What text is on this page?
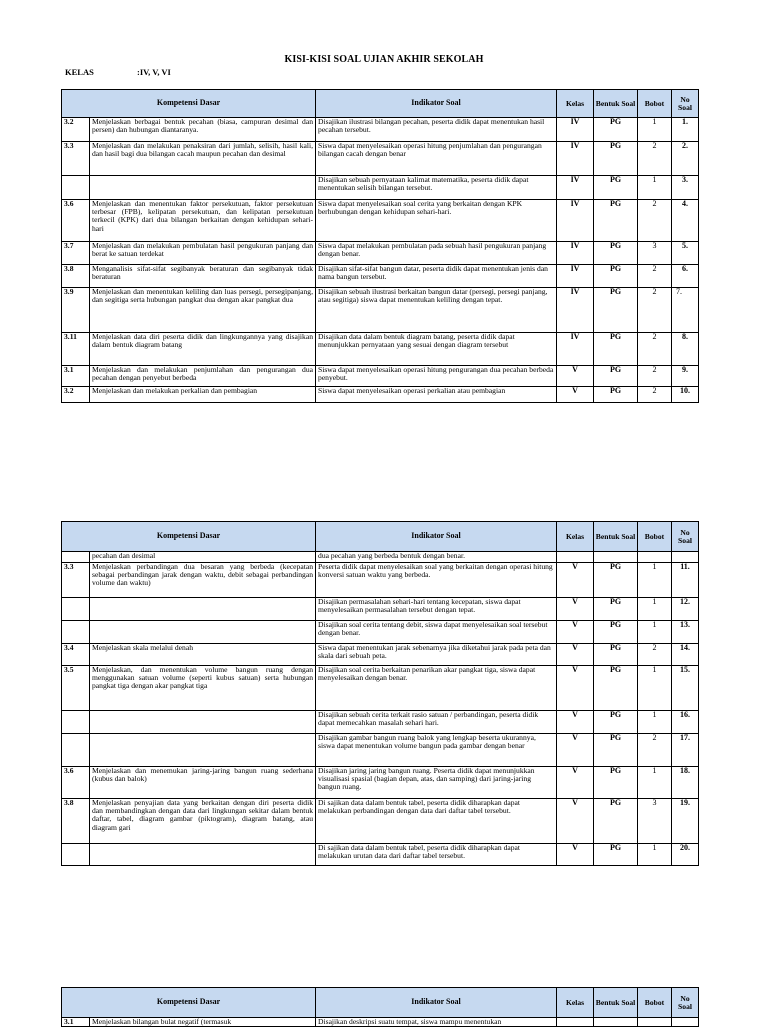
KISI-KISI SOAL UJIAN AKHIR SEKOLAH
KELAS	:IV, V, VI
Kompetensi Dasar		Indikator Soal	Kelas	Bentuk Soal	Bobot	No Soal
3.2	Menjelaskan berbagai bentuk pecahan (biasa, campuran desimal dan persen) dan hubungan diantaranya.	Disajikan ilustrasi bilangan pecahan, peserta didik dapat menentukan hasil pecahan tersebut.	IV	PG	1	1.
3.3	Menjelaskan dan melakukan penaksiran dari jumlah, selisih, hasil kali, dan hasil bagi dua bilangan cacah maupun pecahan dan desimal	Siswa dapat menyelesaikan operasi hitung penjumlahan dan pengurangan bilangan cacah dengan benar	IV	PG	2	2.
		Disajikan sebuah pernyataan kalimat matematika, peserta didik dapat menentukan selisih bilangan tersebut.	IV	PG	1	3.
3.6	Menjelaskan dan menentukan faktor persekutuan, faktor persekutuan terbesar (FPB), kelipatan persekutuan, dan kelipatan persekutuan terkecil (KPK) dari dua bilangan berkaitan dengan kehidupan sehari-hari	Siswa dapat menyelesaikan soal cerita yang berkaitan dengan KPK berhubungan dengan kehidupan sehari-hari.	IV	PG	2	4.
3.7	Menjelaskan dan melakukan pembulatan hasil pengukuran panjang dan berat ke satuan terdekat	Siswa dapat melakukan pembulatan pada sebuah hasil pengukuran panjang dengan benar.	IV	PG	3	5.
3.8	Menganalisis sifat-sifat segibanyak beraturan dan segibanyak tidak beraturan	Disajikan sifat-sifat bangun datar, peserta didik dapat menentukan jenis dan nama bangun tersebut.	IV	PG	2	6.
3.9	Menjelaskan dan menentukan keliling dan luas persegi, persegipanjang, dan segitiga serta hubungan pangkat dua dengan akar pangkat dua	Disajikan sebuah ilustrasi berkaitan bangun datar (persegi, persegi panjang, atau segitiga) siswa dapat menentukan keliling dengan tepat.	IV	PG	2	7.
3.11	Menjelaskan data diri peserta didik dan lingkungannya yang disajikan dalam bentuk diagram batang	Disajikan data dalam bentuk diagram batang, peserta didik dapat menunjukkan pernyataan yang sesuai dengan diagram tersebut	IV	PG	2	8.
3.1	Menjelaskan dan melakukan penjumlahan dan pengurangan dua pecahan dengan penyebut berbeda	Siswa dapat menyelesaikan operasi hitung pengurangan dua pecahan berbeda penyebut.	V	PG	2	9.
3.2	Menjelaskan dan melakukan perkalian dan pembagian	Siswa dapat menyelesaikan operasi perkalian atau pembagian	V	PG	2	10.
Kompetensi Dasar		Indikator Soal	Kelas	Bentuk Soal	Bobot	No Soal
	pecahan dan desimal	dua pecahan yang berbeda bentuk dengan benar.				
3.3	Menjelaskan perbandingan dua besaran yang berbeda (kecepatan sebagai perbandingan jarak dengan waktu, debit sebagai perbandingan volume dan waktu)	Peserta didik dapat menyelesaikan soal yang berkaitan dengan operasi hitung konversi satuan waktu yang berbeda.	V	PG	1	11.
		Disajikan permasalahan sehari-hari tentang kecepatan, siswa dapat menyelesaikan permasalahan tersebut dengan tepat.	V	PG	1	12.
		Disajikan soal cerita tentang debit, siswa dapat menyelesaikan soal tersebut dengan benar.	V	PG	1	13.
3.4	Menjelaskan skala melalui denah	Siswa dapat menentukan jarak sebenarnya jika diketahui jarak pada peta dan skala dari sebuah peta.	V	PG	2	14.
3.5	Menjelaskan, dan menentukan volume bangun ruang dengan menggunakan satuan volume (seperti kubus satuan) serta hubungan pangkat tiga dengan akar pangkat tiga	Disajikan soal cerita berkaitan penarikan akar pangkat tiga, siswa dapat menyelesaikan dengan benar.	V	PG	1	15.
		Disajikan sebuah cerita terkait rasio satuan / perbandingan, peserta didik dapat memecahkan masalah sehari hari.	V	PG	1	16.
		Disajikan gambar bangun ruang balok yang lengkap beserta ukurannya, siswa dapat menentukan volume bangun pada gambar dengan benar	V	PG	2	17.
3.6	Menjelaskan dan menemukan jaring-jaring bangun ruang sederhana (kubus dan balok)	Disajikan jaring jaring bangun ruang. Peserta didik dapat menunjukkan visualisasi spasial (bagian depan, atas, dan samping) dari jaring-jaring bangun ruang.	V	PG	1	18.
3.8	Menjelaskan penyajian data yang berkaitan dengan diri peserta didik dan membandingkan dengan data dari lingkungan sekitar dalam bentuk daftar, tabel, diagram gambar (piktogram), diagram batang, atau diagram gari	Di sajikan data dalam bentuk tabel, peserta didik diharapkan dapat melakukan perbandingan dengan data dari daftar tabel tersebut.	V	PG	3	19.
		Di sajikan data dalam bentuk tabel, peserta didik diharapkan dapat melakukan urutan data dari daftar tabel tersebut.	V	PG	1	20.
Kompetensi Dasar		Indikator Soal	Kelas	Bentuk Soal	Bobot	No Soal
3.1	Menjelaskan bilangan bulat negatif (termasuk	Disajikan deskripsi suatu tempat, siswa mampu menentukan				
